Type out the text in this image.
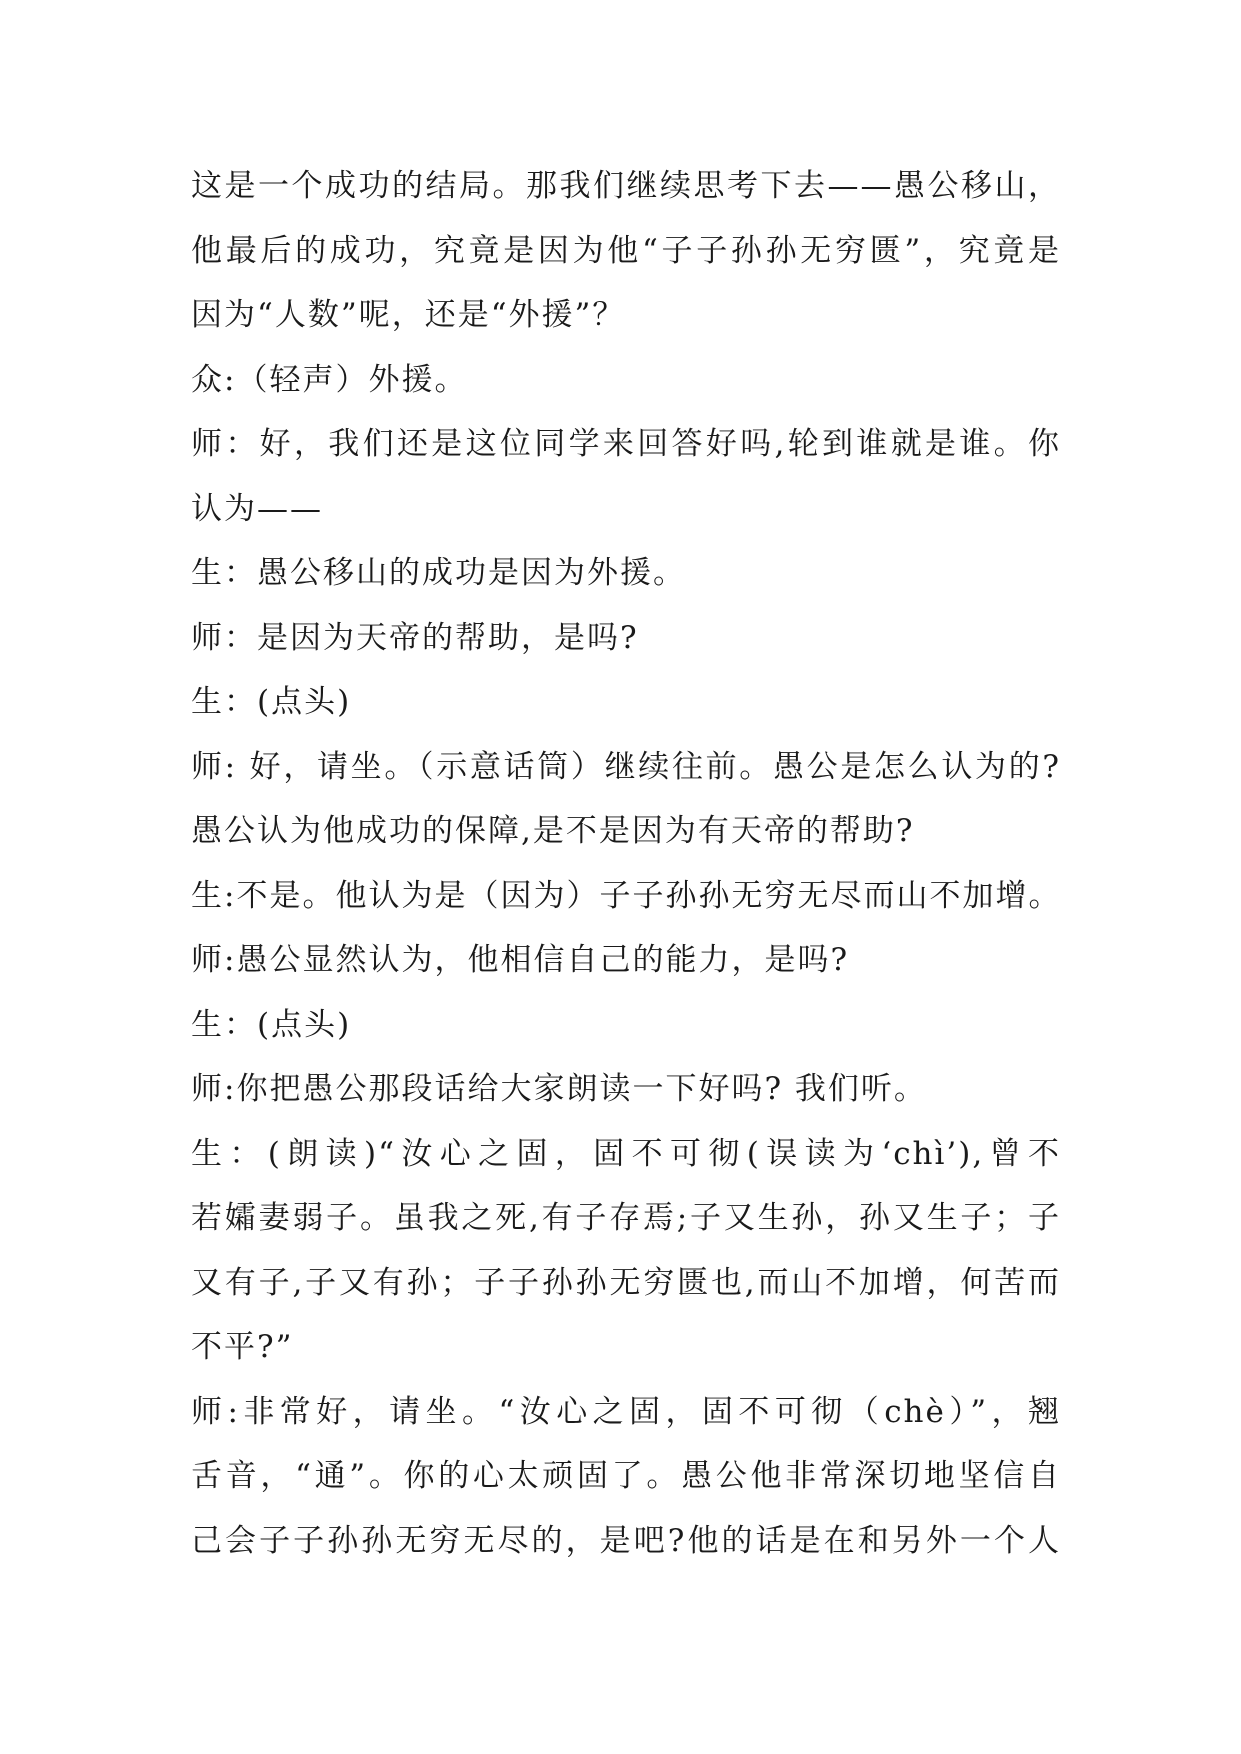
这是一个成功的结局。那我们继续思考下去——愚公移山，
他最后的成功，究竟是因为他“子子孙孙无穷匮”，究竟是
因为“人数”呢，还是“外援”？
众:（轻声）外援。
师：好，我们还是这位同学来回答好吗,轮到谁就是谁。你
认为——
生：愚公移山的成功是因为外援。
师：是因为天帝的帮助，是吗?
生：(点头)
师: 好，请坐。（示意话筒）继续往前。愚公是怎么认为的?
愚公认为他成功的保障,是不是因为有天帝的帮助?
生:不是。他认为是（因为）子子孙孙无穷无尽而山不加增。
师:愚公显然认为，他相信自己的能力，是吗?
生：(点头)
师:你把愚公那段话给大家朗读一下好吗? 我们听。
生：(朗读)“汝心之固，固不可彻(误读为‘chì’),曾不
若孀妻弱子。虽我之死,有子存焉;子又生孙，孙又生子；子
又有子,子又有孙；子子孙孙无穷匮也,而山不加增，何苦而
不平?”
师:非常好，请坐。“汝心之固，固不可彻（chè）”，翘
舌音，“通”。你的心太顽固了。愚公他非常深切地坚信自
己会子子孙孙无穷无尽的，是吧?他的话是在和另外一个人
